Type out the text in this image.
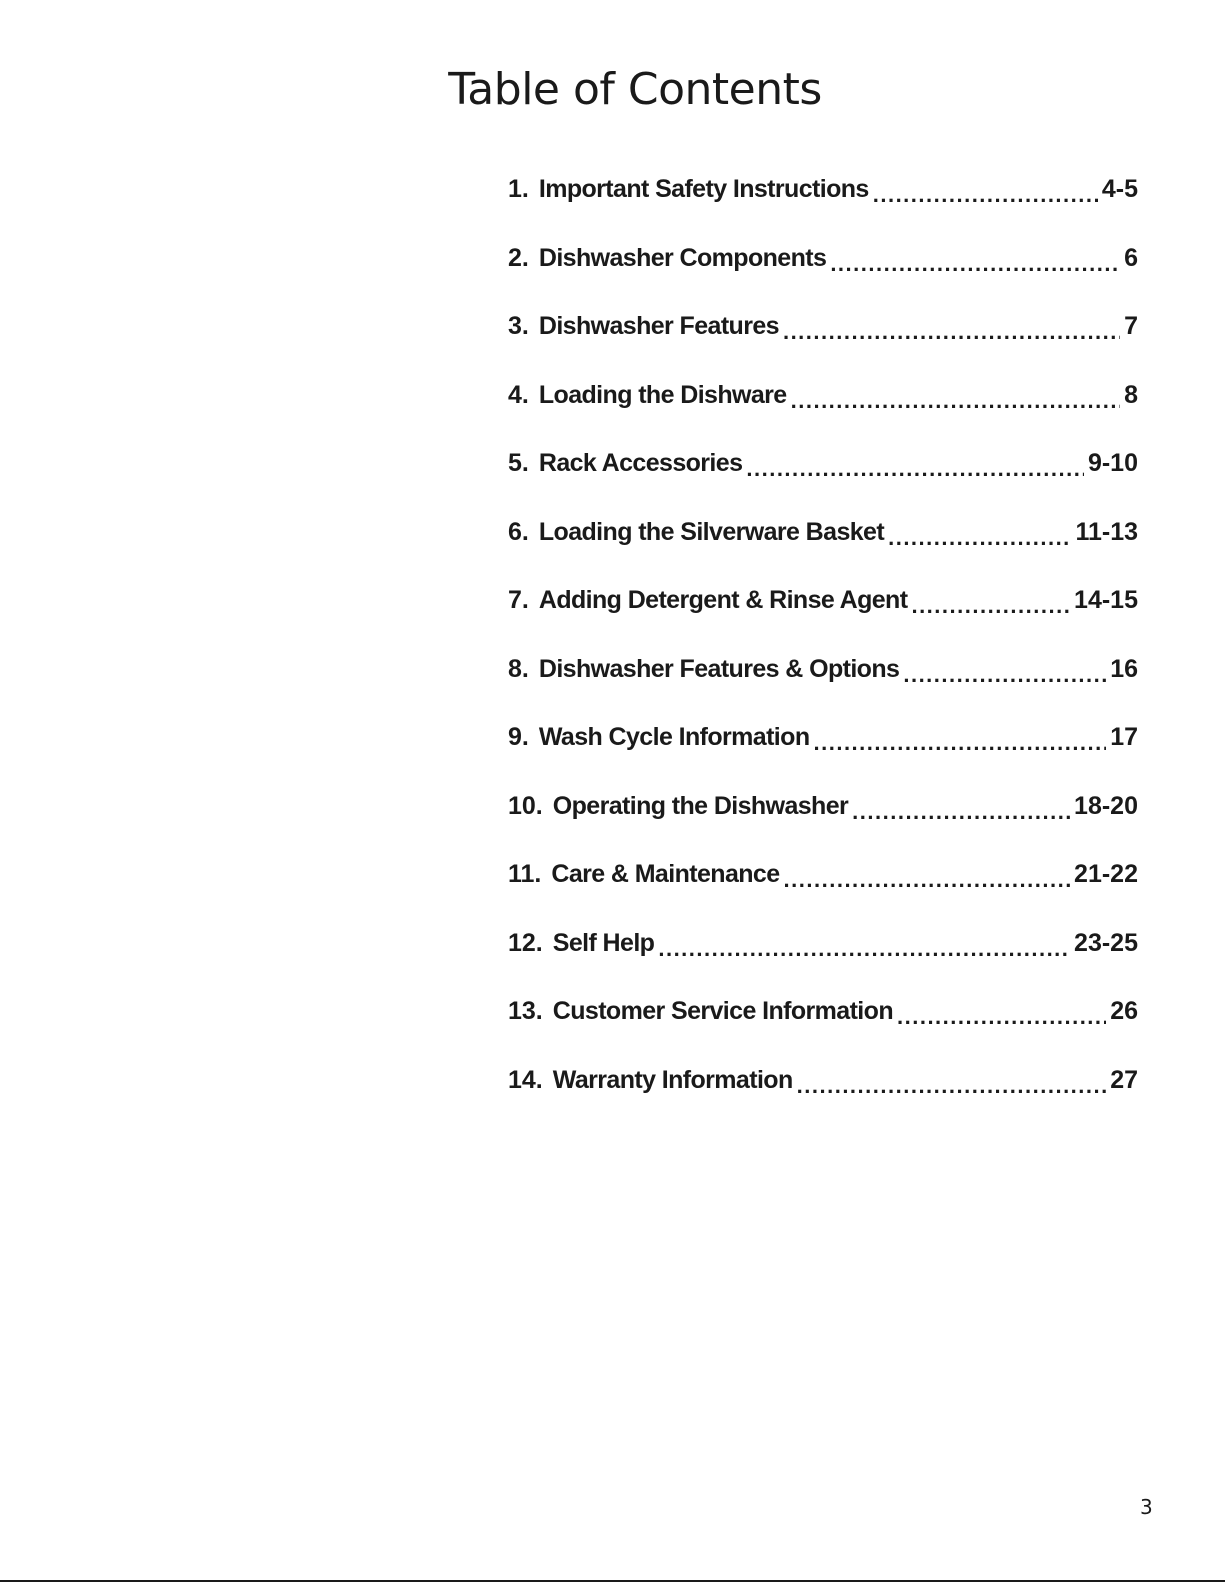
Table of Contents
1. Important Safety Instructions .....	4-5
2. Dishwasher Components .....	6
3. Dishwasher Features .....	7
4. Loading the Dishware .....	8
5. Rack Accessories .....	9-10
6. Loading the Silverware Basket .....	11-13
7. Adding Detergent & Rinse Agent .....	14-15
8. Dishwasher Features & Options .....	16
9. Wash Cycle Information .....	17
10. Operating the Dishwasher .....	18-20
11. Care & Maintenance .....	21-22
12. Self Help .....	23-25
13. Customer Service Information .....	26
14. Warranty Information .....	27
3
